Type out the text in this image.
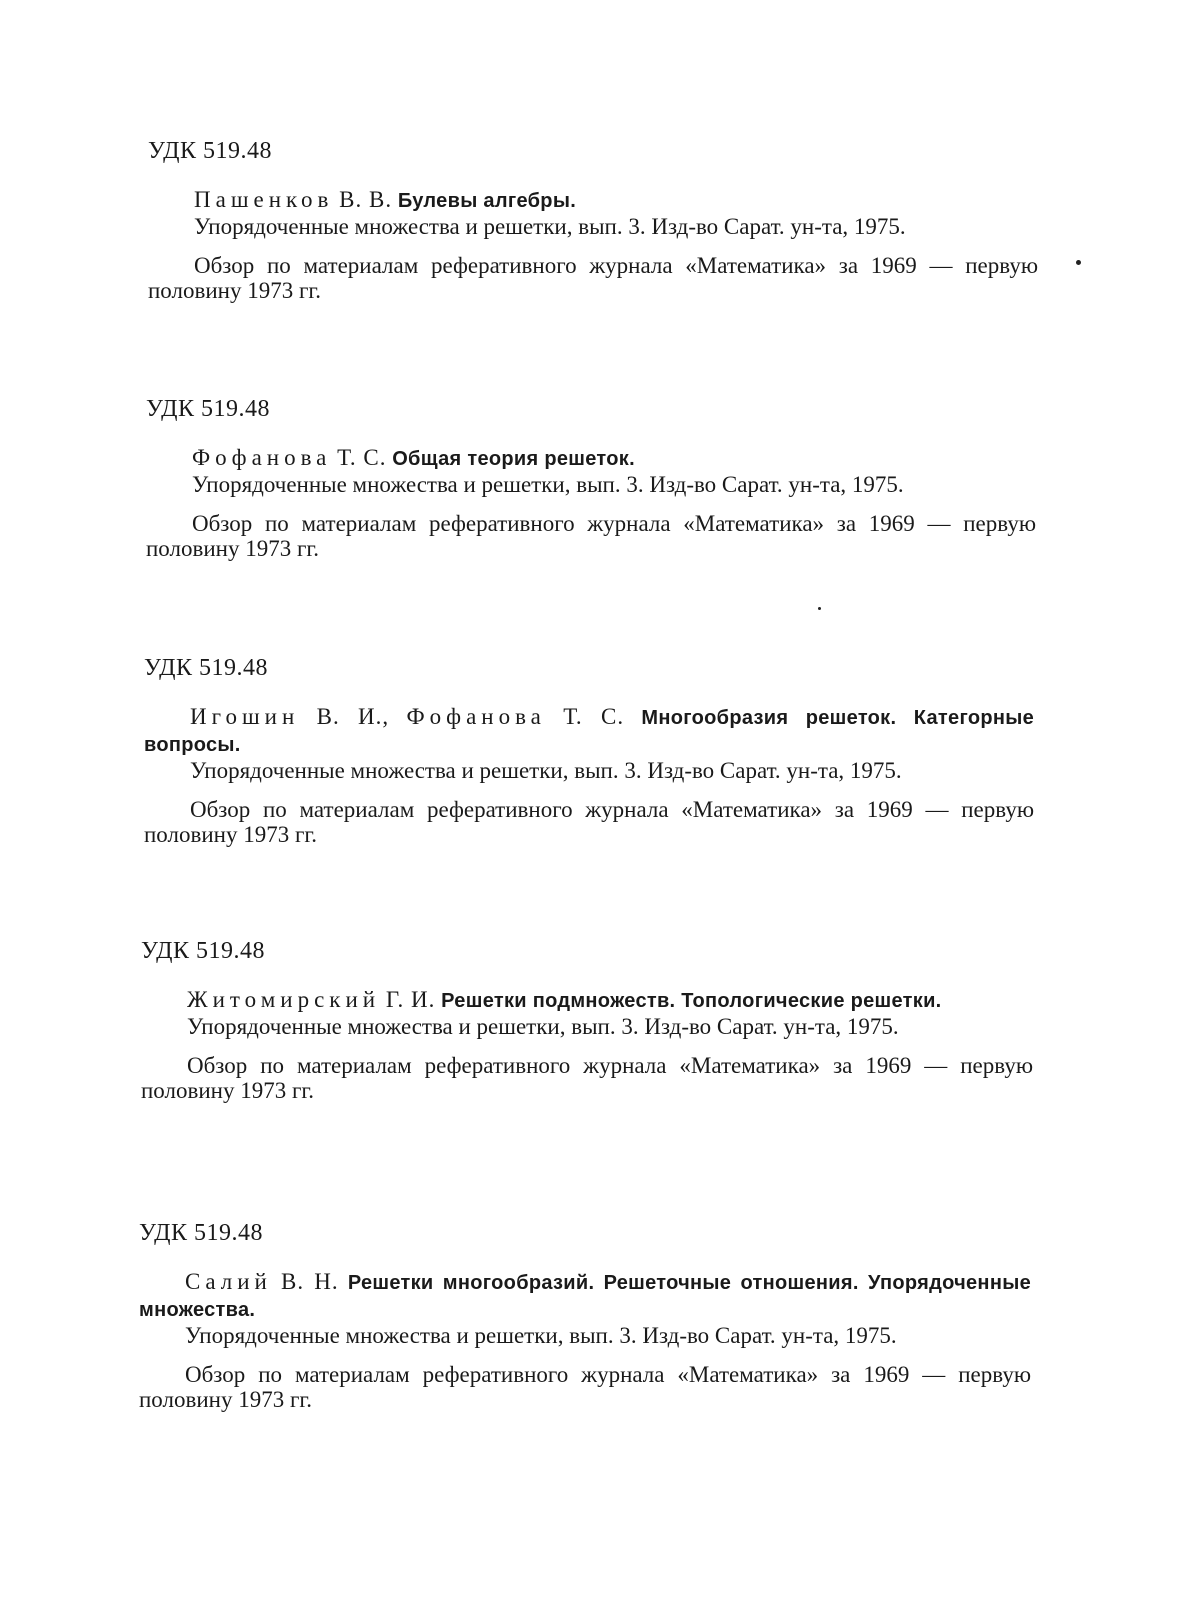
УДК 519.48

Пашенков В. В. Булевы алгебры.

Упорядоченные множества и решетки, вып. 3. Изд-во Сарат. ун-та, 1975.

Обзор по материалам реферативного журнала «Математика» за 1969 — первую половину 1973 гг.

УДК 519.48

Фофанова Т. С. Общая теория решеток.

Упорядоченные множества и решетки, вып. 3. Изд-во Сарат. ун-та, 1975.

Обзор по материалам реферативного журнала «Математика» за 1969 — первую половину 1973 гг.

УДК 519.48

Игошин В. И., Фофанова Т. С. Многообразия решеток. Категорные вопросы.

Упорядоченные множества и решетки, вып. 3. Изд-во Сарат. ун-та, 1975.

Обзор по материалам реферативного журнала «Математика» за 1969 — первую половину 1973 гг.

УДК 519.48

Житомирский Г. И. Решетки подмножеств. Топологические решетки.

Упорядоченные множества и решетки, вып. 3. Изд-во Сарат. ун-та, 1975.

Обзор по материалам реферативного журнала «Математика» за 1969 — первую половину 1973 гг.

УДК 519.48

Салий В. Н. Решетки многообразий. Решеточные отношения. Упорядоченные множества.

Упорядоченные множества и решетки, вып. 3. Изд-во Сарат. ун-та, 1975.

Обзор по материалам реферативного журнала «Математика» за 1969 — первую половину 1973 гг.
